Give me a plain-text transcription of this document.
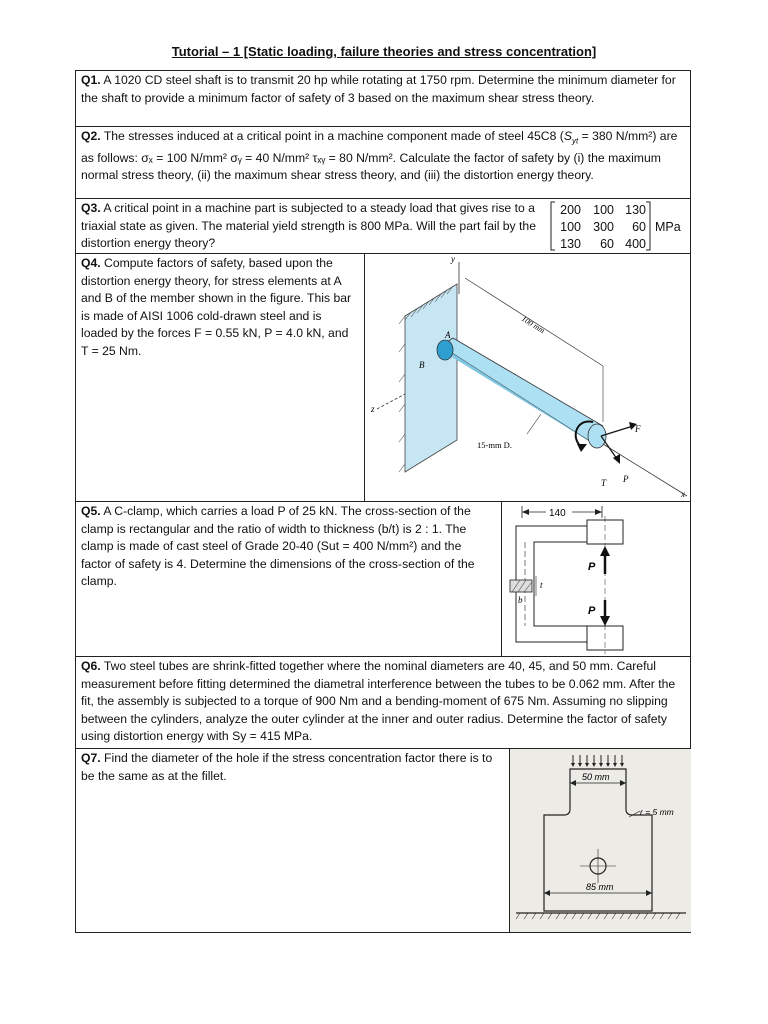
Tutorial – 1 [Static loading, failure theories and stress concentration]
Q1. A 1020 CD steel shaft is to transmit 20 hp while rotating at 1750 rpm. Determine the minimum diameter for the shaft to provide a minimum factor of safety of 3 based on the maximum shear stress theory.
Q2. The stresses induced at a critical point in a machine component made of steel 45C8 ($S_{yt} = 380$ N/mm²) are as follows: σₓ = 100 N/mm² σᵧ = 40 N/mm² τₓᵧ = 80 N/mm². Calculate the factor of safety by (i) the maximum normal stress theory, (ii) the maximum shear stress theory, and (iii) the distortion energy theory.
Q3. A critical point in a machine part is subjected to a steady load that gives rise to a triaxial state as given. The material yield strength is 800 MPa. Will the part fail by the distortion energy theory?
200 100 130
100 300 60
130 60 400
MPa
Q4. Compute factors of safety, based upon the distortion energy theory, for stress elements at A and B of the member shown in the figure. This bar is made of AISI 1006 cold-drawn steel and is loaded by the forces F = 0.55 kN, P = 4.0 kN, and T = 25 Nm.
y
z
A
B
x
100 mm
15-mm D.
T
F
P
Q5. A C-clamp, which carries a load P of 25 kN. The cross-section of the clamp is rectangular and the ratio of width to thickness (b/t) is 2 : 1. The clamp is made of cast steel of Grade 20-40 (Sut = 400 N/mm²) and the factor of safety is 4. Determine the dimensions of the cross-section of the clamp.
140
P
P
t
b
Q6. Two steel tubes are shrink-fitted together where the nominal diameters are 40, 45, and 50 mm. Careful measurement before fitting determined the diametral interference between the tubes to be 0.062 mm. After the fit, the assembly is subjected to a torque of 900 Nm and a bending-moment of 675 Nm. Assuming no slipping between the cylinders, analyze the outer cylinder at the inner and outer radius. Determine the factor of safety using distortion energy with Sy = 415 MPa.
Q7. Find the diameter of the hole if the stress concentration factor there is to be the same as at the fillet.	50 mm
r = 5 mm
85 mm
